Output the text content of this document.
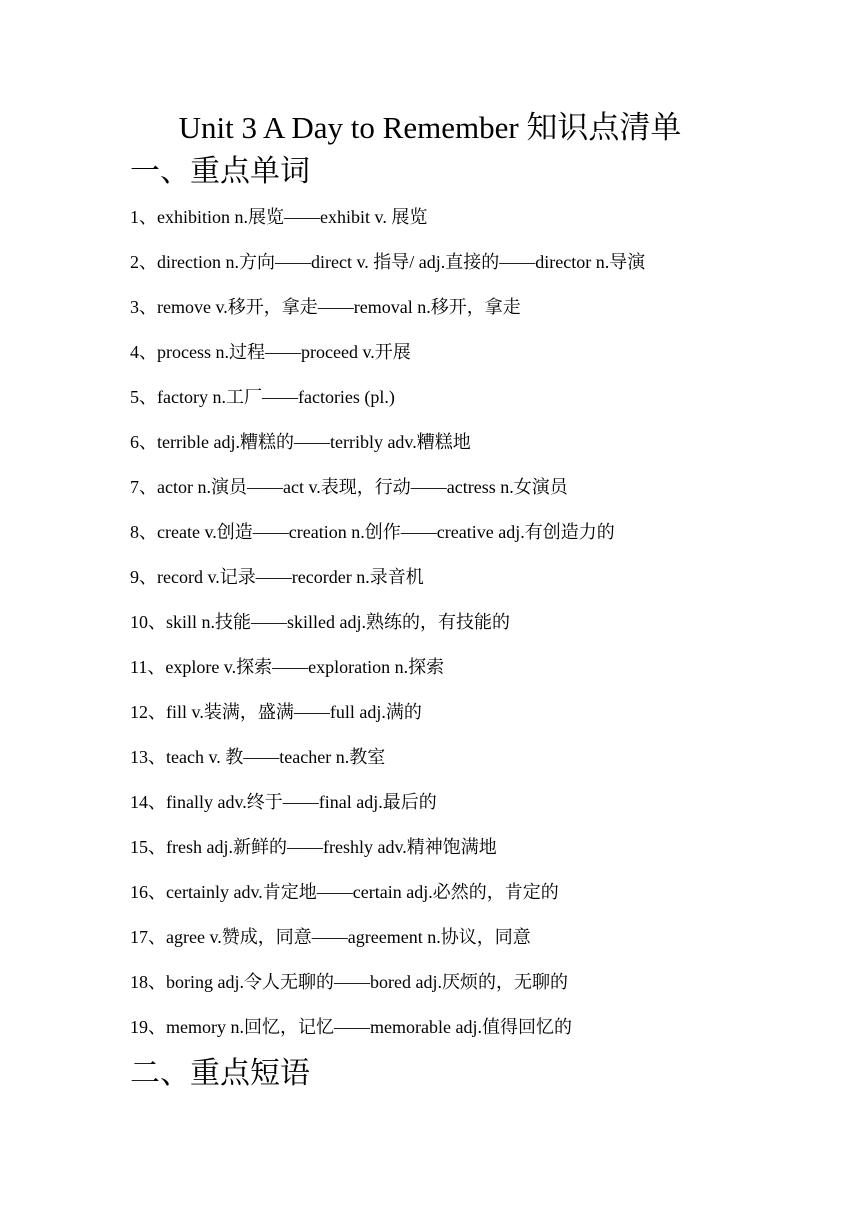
Unit 3 A Day to Remember 知识点清单
一、重点单词
1、exhibition n.展览——exhibit v. 展览
2、direction n.方向——direct v. 指导/ adj.直接的——director n.导演
3、remove v.移开，拿走——removal n.移开，拿走
4、process n.过程——proceed v.开展
5、factory n.工厂——factories (pl.)
6、terrible adj.糟糕的——terribly adv.糟糕地
7、actor n.演员——act v.表现，行动——actress n.女演员
8、create v.创造——creation n.创作——creative adj.有创造力的
9、record v.记录——recorder n.录音机
10、skill n.技能——skilled adj.熟练的，有技能的
11、explore v.探索——exploration n.探索
12、fill v.装满，盛满——full adj.满的
13、teach v. 教——teacher n.教室
14、finally adv.终于——final adj.最后的
15、fresh adj.新鲜的——freshly adv.精神饱满地
16、certainly adv.肯定地——certain adj.必然的，肯定的
17、agree v.赞成，同意——agreement n.协议，同意
18、boring adj.令人无聊的——bored adj.厌烦的，无聊的
19、memory n.回忆，记忆——memorable adj.值得回忆的
二、重点短语
